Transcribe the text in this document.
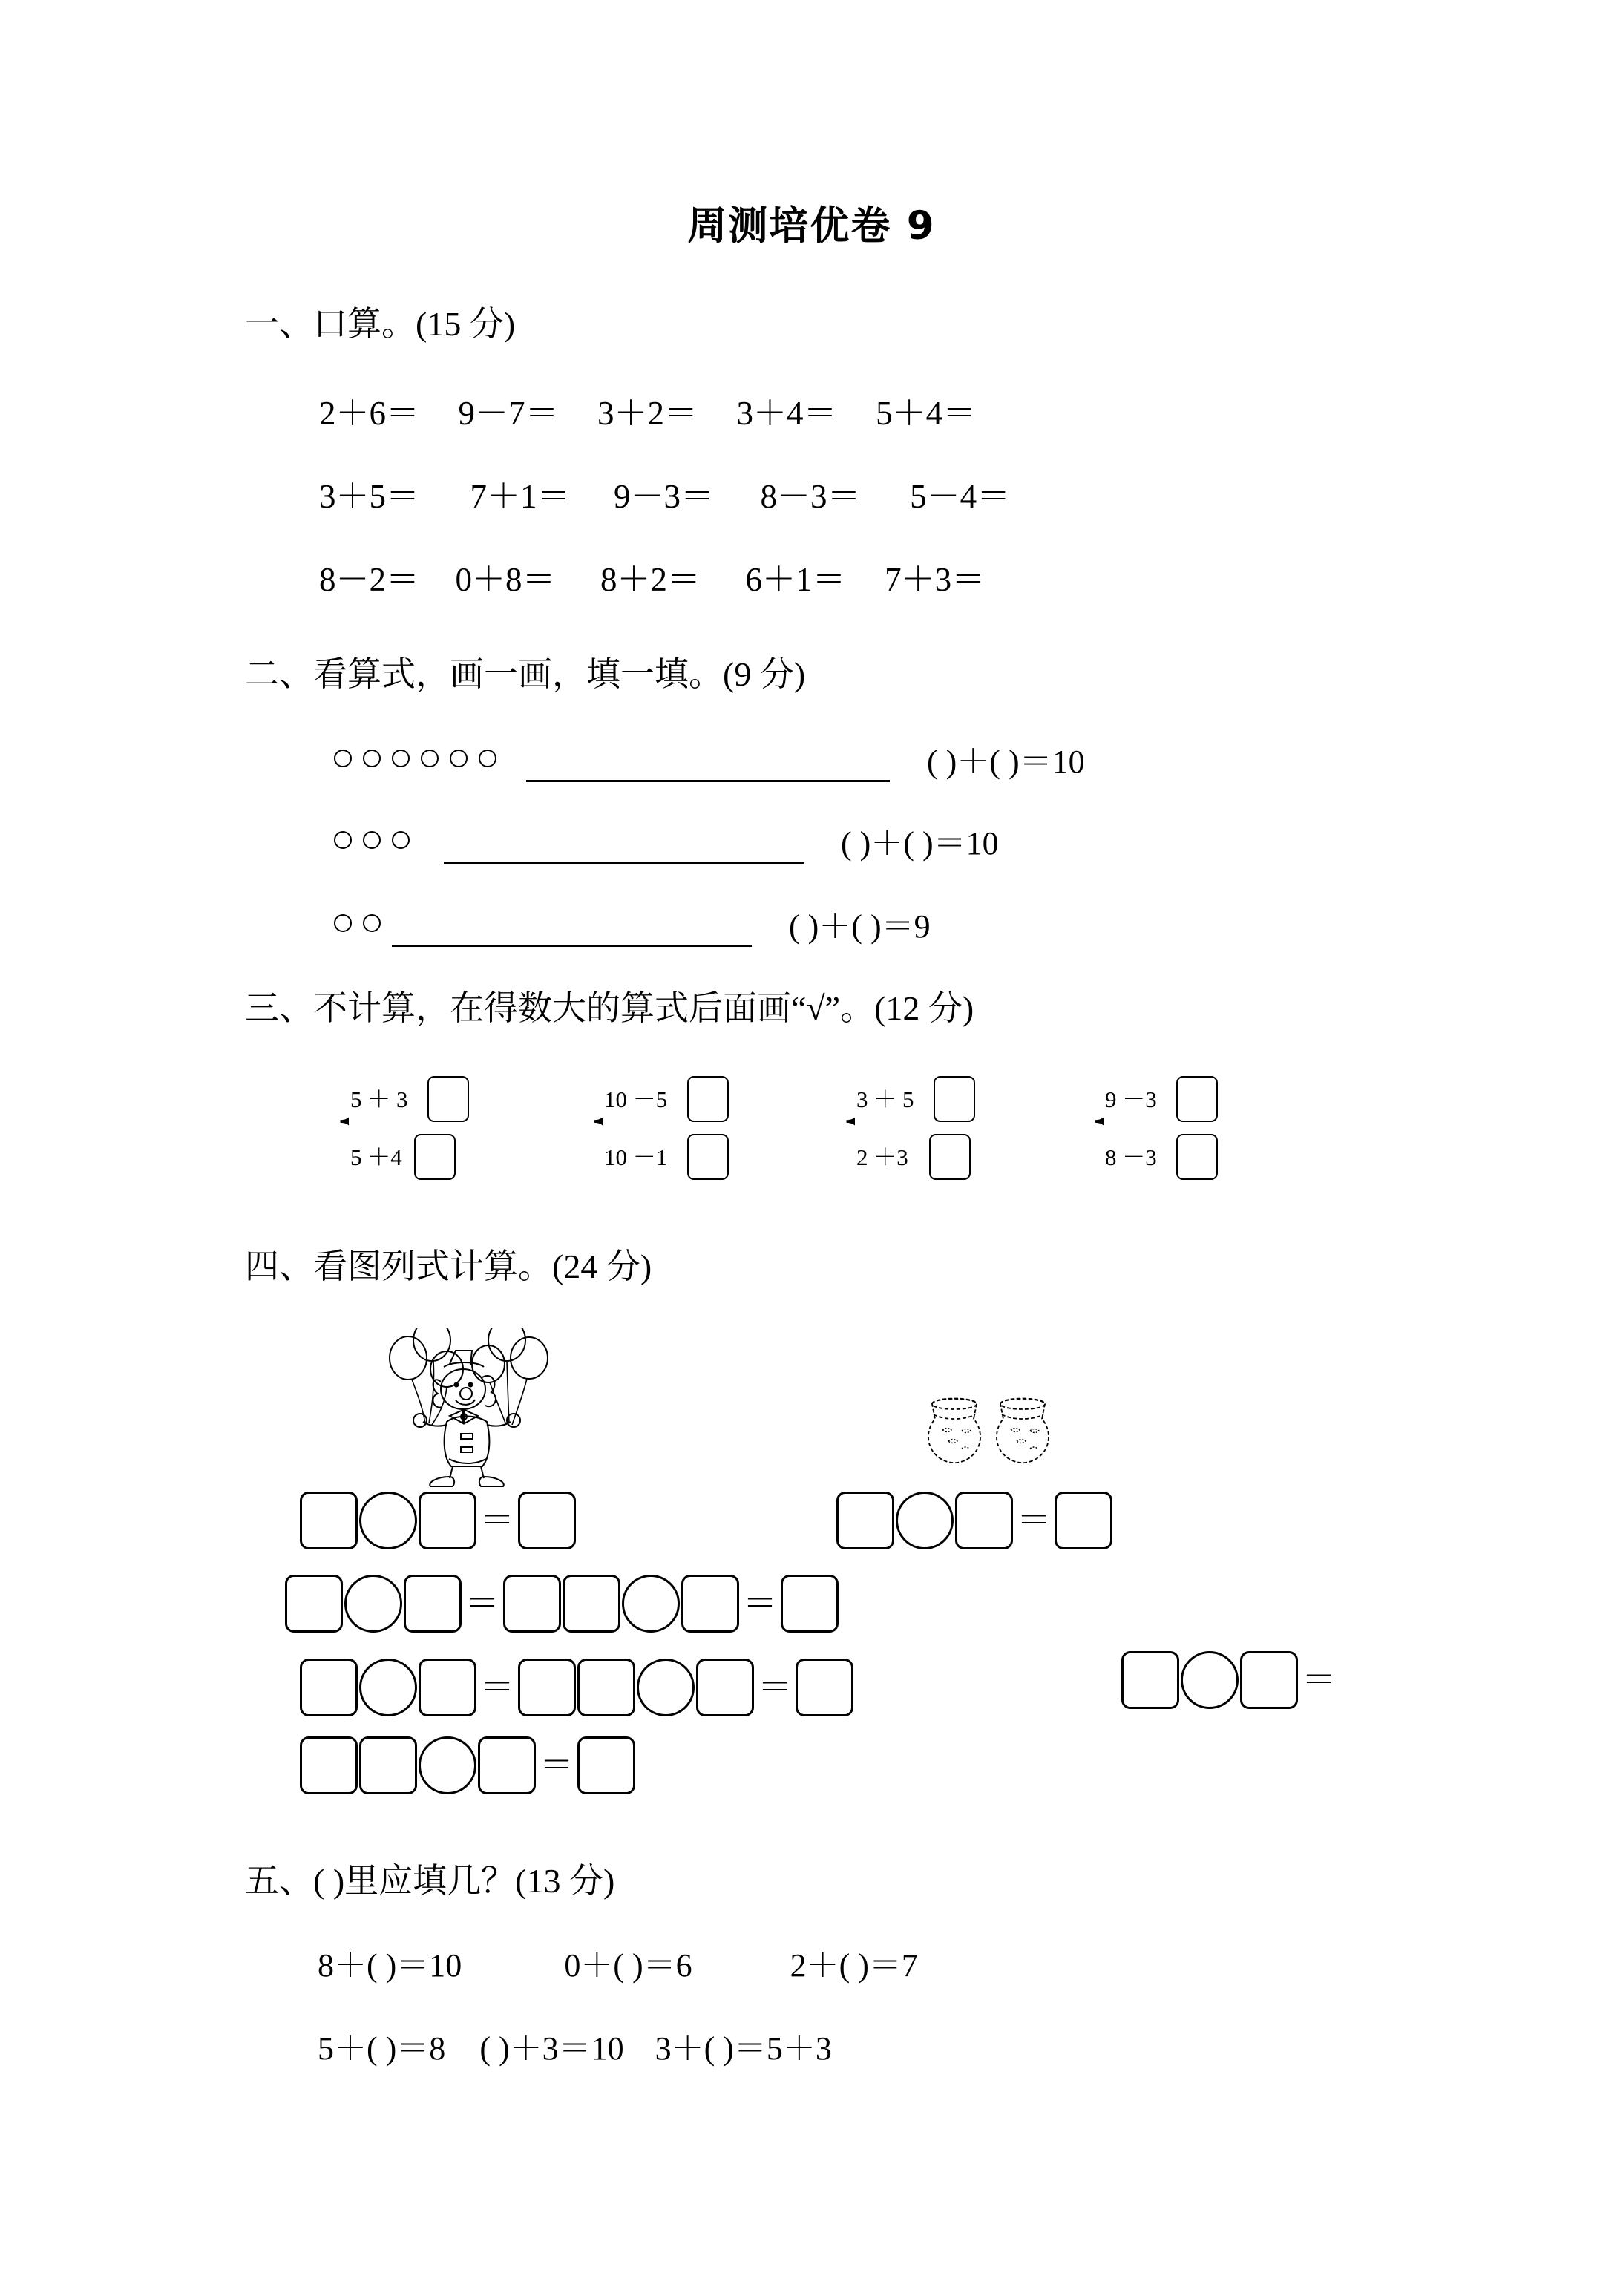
周测培优卷 9
一、口算。(15 分)
2＋6＝ 9－7＝ 3＋2＝ 3＋4＝ 5＋4＝
3＋5＝ 7＋1＝ 9－3＝ 8－3＝ 5－4＝
8－2＝ 0＋8＝ 8＋2＝ 6＋1＝ 7＋3＝
二、看算式，画一画，填一填。(9 分)
( )＋( )＝10
( )＋( )＝10
( )＋( )＝9
三、不计算，在得数大的算式后面画“√”。(12 分)
{
5 ＋ 3
5 ＋4
{
10 －5
10 －1
{
3 ＋ 5
2 ＋3
{
9 －3
8 －3
四、看图列式计算。(24 分)
＝	＝
＝	＝
＝	＝	＝
＝
五、( )里应填几？(13 分)
8＋( )＝10	0＋( )＝6	2＋( )＝7
5＋( )＝8 ( )＋3＝10 3＋( )＝5＋3
